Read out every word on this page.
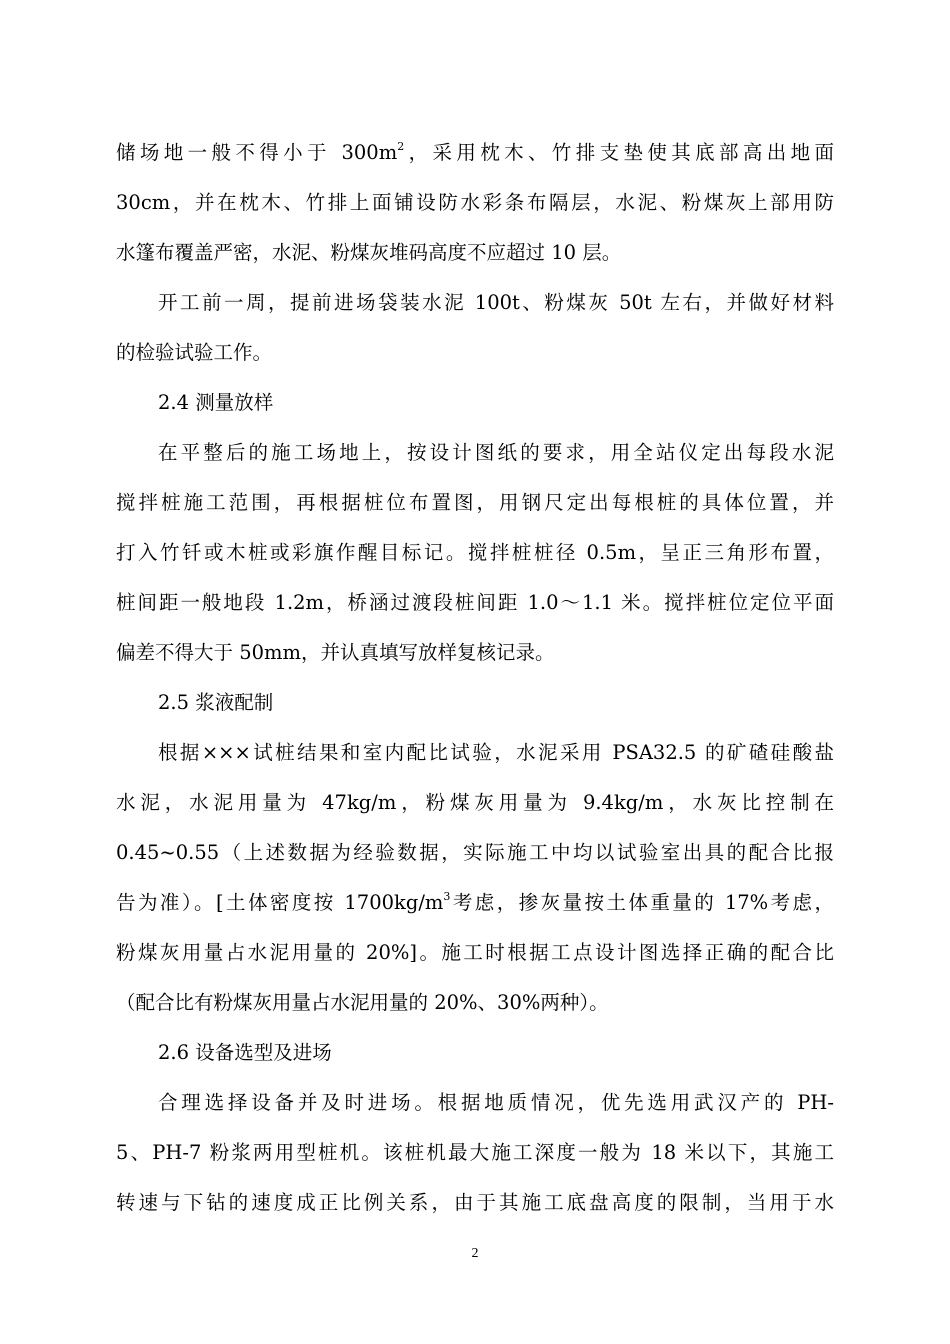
储场地一般不得小于 $300m^2$，采用枕木、竹排支垫使其底部高出地面
30cm，并在枕木、竹排上面铺设防水彩条布隔层，水泥、粉煤灰上部用防
水篷布覆盖严密，水泥、粉煤灰堆码高度不应超过 10 层。
开工前一周，提前进场袋装水泥 100t、粉煤灰 50t 左右，并做好材料
的检验试验工作。
2.4 测量放样
在平整后的施工场地上，按设计图纸的要求，用全站仪定出每段水泥
搅拌桩施工范围，再根据桩位布置图，用钢尺定出每根桩的具体位置，并
打入竹钎或木桩或彩旗作醒目标记。搅拌桩桩径 0.5m，呈正三角形布置，
桩间距一般地段 1.2m，桥涵过渡段桩间距 1.0～1.1 米。搅拌桩位定位平面
偏差不得大于 50mm，并认真填写放样复核记录。
2.5 浆液配制
根据×××试桩结果和室内配比试验，水泥采用 PSA32.5 的矿碴硅酸盐
水泥，水泥用量为 47kg/m，粉煤灰用量为 9.4kg/m，水灰比控制在
0.45~0.55（上述数据为经验数据，实际施工中均以试验室出具的配合比报
告为准）。[土体密度按 $1700kg/m^3$考虑，掺灰量按土体重量的 17%考虑，
粉煤灰用量占水泥用量的 20%]。施工时根据工点设计图选择正确的配合比
（配合比有粉煤灰用量占水泥用量的 20%、30%两种）。
2.6 设备选型及进场
合理选择设备并及时进场。根据地质情况，优先选用武汉产的 PH-
5、PH-7 粉浆两用型桩机。该桩机最大施工深度一般为 18 米以下，其施工
转速与下钻的速度成正比例关系，由于其施工底盘高度的限制，当用于水
2
